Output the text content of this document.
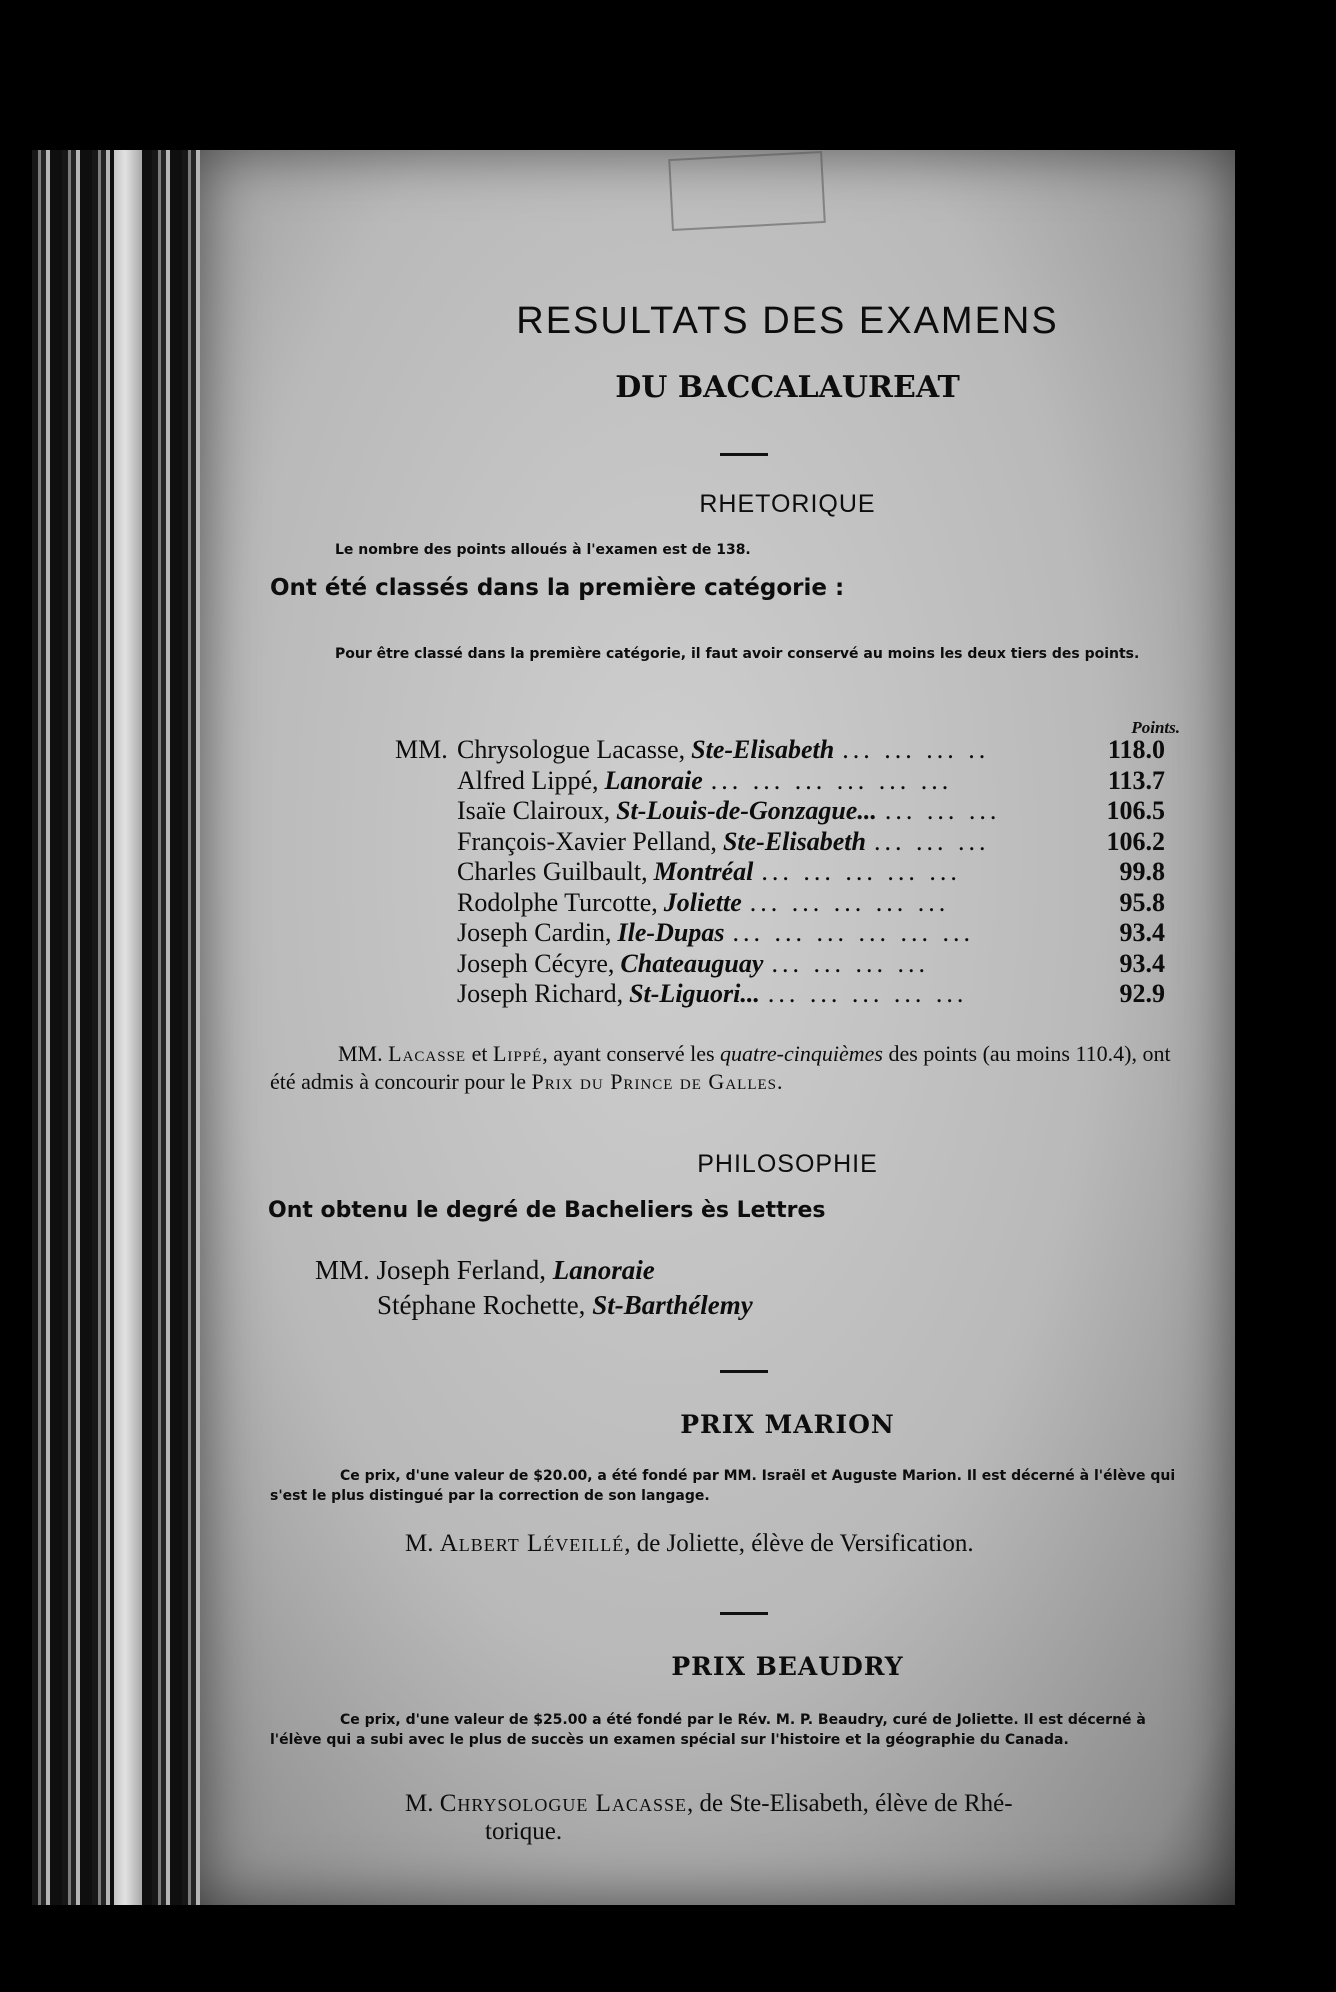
RESULTATS DES EXAMENS
DU BACCALAUREAT
RHETORIQUE
Le nombre des points alloués à l'examen est de 138.
Ont été classés dans la première catégorie :
Pour être classé dans la première catégorie, il faut avoir conservé au moins les deux tiers des points.
Points.
MM. Chrysologue Lacasse, Ste-Elisabeth ... ... ... ..	118.0
Alfred Lippé, Lanoraie ... ... ... ... ... ...	113.7
Isaïe Clairoux, St-Louis-de-Gonzague... ... ... ...	106.5
François-Xavier Pelland, Ste-Elisabeth ... ... ...	106.2
Charles Guilbault, Montréal ... ... ... ... ...	99.8
Rodolphe Turcotte, Joliette ... ... ... ... ...	95.8
Joseph Cardin, Ile-Dupas ... ... ... ... ... ...	93.4
Joseph Cécyre, Chateauguay ... ... ... ...	93.4
Joseph Richard, St-Liguori... ... ... ... ... ...	92.9
MM. Lacasse et Lippé, ayant conservé les quatre-cinquièmes des points (au moins 110.4), ont été admis à concourir pour le Prix du Prince de Galles.
PHILOSOPHIE
Ont obtenu le degré de Bacheliers ès Lettres
MM. Joseph Ferland, Lanoraie
Stéphane Rochette, St-Barthélemy
PRIX MARION
Ce prix, d'une valeur de $20.00, a été fondé par MM. Israël et Auguste Marion. Il est décerné à l'élève qui s'est le plus distingué par la correction de son langage.
M. Albert Léveillé, de Joliette, élève de Versification.
PRIX BEAUDRY
Ce prix, d'une valeur de $25.00 a été fondé par le Rév. M. P. Beaudry, curé de Joliette. Il est décerné à l'élève qui a subi avec le plus de succès un examen spécial sur l'histoire et la géographie du Canada.
M. Chrysologue Lacasse, de Ste-Elisabeth, élève de Rhé-
torique.
